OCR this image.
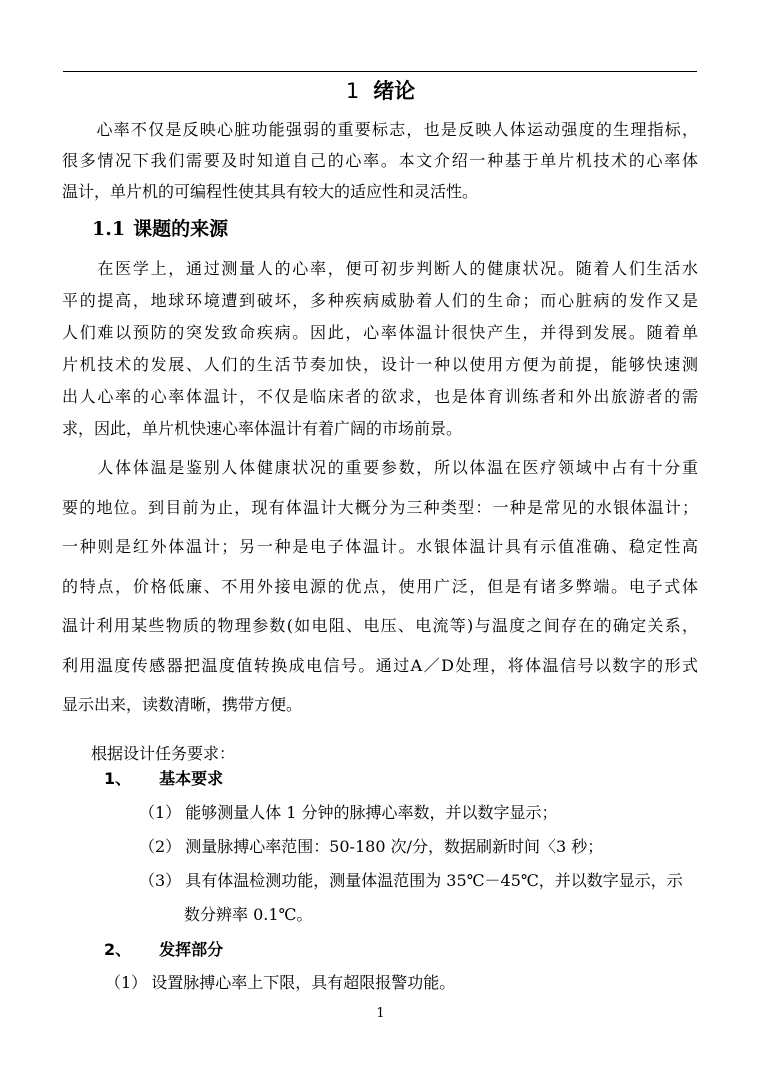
1 绪论

　　心率不仅是反映心脏功能强弱的重要标志，也是反映人体运动强度的生理指标，
很多情况下我们需要及时知道自己的心率。本文介绍一种基于单片机技术的心率体
温计，单片机的可编程性使其具有较大的适应性和灵活性。

1.1 课题的来源

　　在医学上，通过测量人的心率，便可初步判断人的健康状况。随着人们生活水
平的提高，地球环境遭到破坏，多种疾病威胁着人们的生命；而心脏病的发作又是
人们难以预防的突发致命疾病。因此，心率体温计很快产生，并得到发展。随着单
片机技术的发展、人们的生活节奏加快，设计一种以使用方便为前提，能够快速测
出人心率的心率体温计，不仅是临床者的欲求，也是体育训练者和外出旅游者的需
求，因此，单片机快速心率体温计有着广阔的市场前景。

　　人体体温是鉴别人体健康状况的重要参数，所以体温在医疗领域中占有十分重
要的地位。到目前为止，现有体温计大概分为三种类型：一种是常见的水银体温计；
一种则是红外体温计；另一种是电子体温计。水银体温计具有示值准确、稳定性高
的特点，价格低廉、不用外接电源的优点，使用广泛，但是有诸多弊端。电子式体
温计利用某些物质的物理参数(如电阻、电压、电流等)与温度之间存在的确定关系，
利用温度传感器把温度值转换成电信号。通过A／D处理，将体温信号以数字的形式
显示出来，读数清晰，携带方便。

根据设计任务要求：

1、 基本要求
（1） 能够测量人体 1 分钟的脉搏心率数，并以数字显示；
（2） 测量脉搏心率范围：50-180 次/分，数据刷新时间〈3 秒；
（3） 具有体温检测功能，测量体温范围为 35℃－45℃，并以数字显示，示
数分辨率 0.1℃。
2、 发挥部分
（1） 设置脉搏心率上下限，具有超限报警功能。
1
